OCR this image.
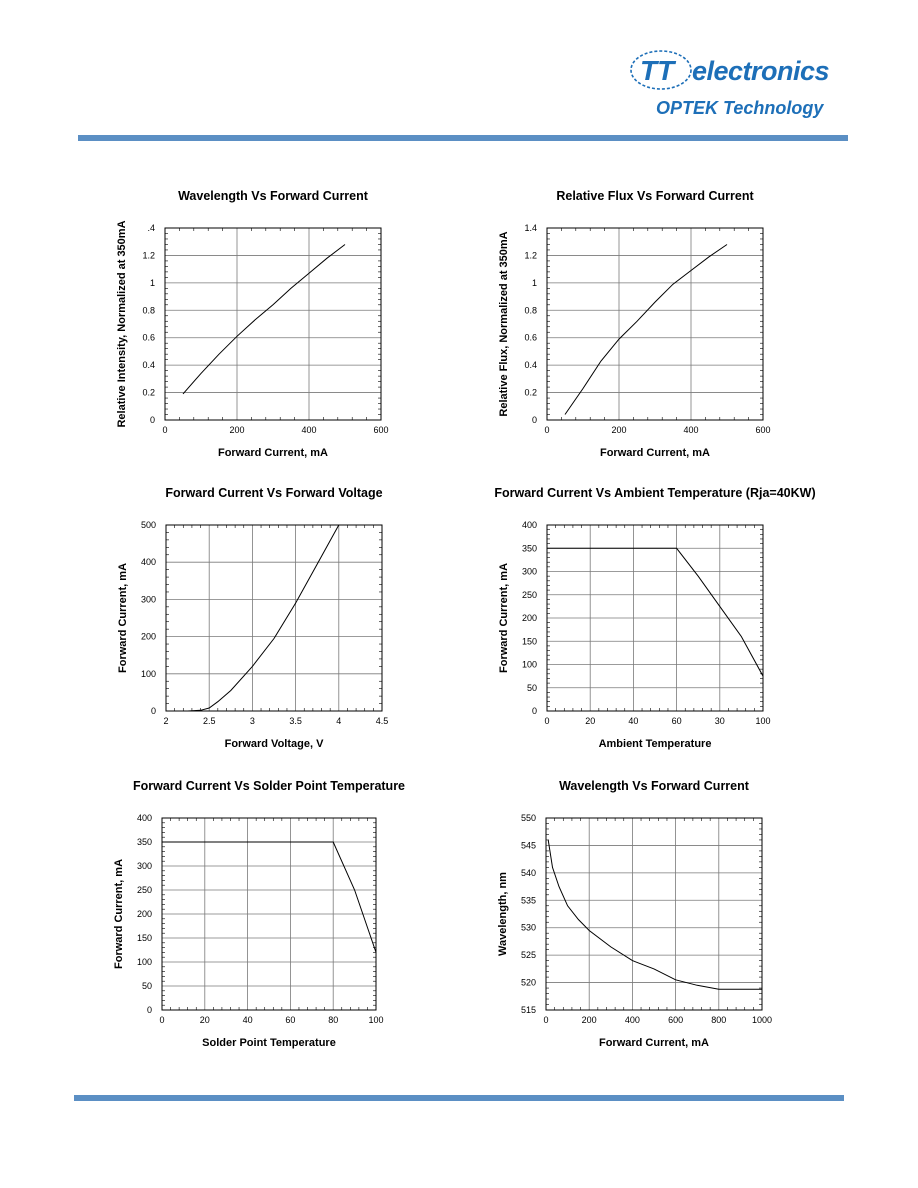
TT electronics
OPTEK Technology
Wavelength Vs Forward Current
0	200	400	600
0
0.2
0.4
0.6
0.8
1
1.2
.4
Forward Current, mA
Relative Intensity, Normalized at 350mA
Relative Flux Vs Forward Current
0	200	400	600
0
0.2
0.4
0.6
0.8
1
1.2
1.4
Forward Current, mA
Relative Flux, Normalized at 350mA
Forward Current Vs Forward Voltage
2	2.5	3	3.5	4	4.5
0
100
200
300
400
500
Forward Voltage, V
Forward Current, mA
Forward Current Vs Ambient Temperature (Rja=40KW)
0	20	40	60	30	100
0
50
100
150
200
250
300
350
400
Ambient Temperature
Forward Current, mA
Forward Current Vs Solder Point Temperature
0	20	40	60	80	100
0
50
100
150
200
250
300
350
400
Solder Point Temperature
Forward Current, mA
Wavelength Vs Forward Current
0	200	400	600	800	1000
515
520
525
530
535
540
545
550
Forward Current, mA
Wavelength, nm
